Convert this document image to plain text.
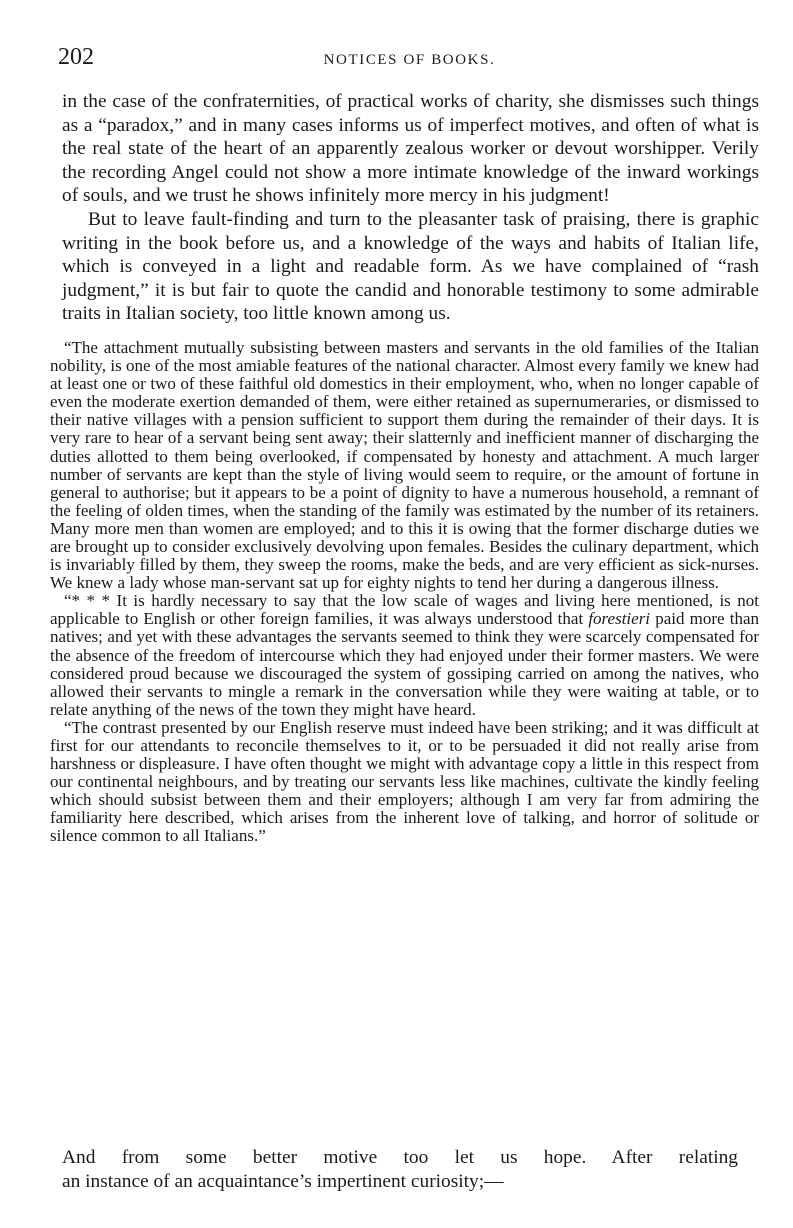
202	NOTICES OF BOOKS.

in the case of the confraternities, of practical works of charity, she dismisses such things as a “paradox,” and in many cases informs us of imperfect motives, and often of what is the real state of the heart of an apparently zealous worker or devout worshipper. Verily the recording Angel could not show a more intimate knowledge of the inward workings of souls, and we trust he shows infinitely more mercy in his judgment!

But to leave fault-finding and turn to the pleasanter task of praising, there is graphic writing in the book before us, and a knowledge of the ways and habits of Italian life, which is conveyed in a light and readable form. As we have complained of “rash judgment,” it is but fair to quote the candid and honorable testimony to some admirable traits in Italian society, too little known among us.

“The attachment mutually subsisting between masters and servants in the old families of the Italian nobility, is one of the most amiable features of the national character. Almost every family we knew had at least one or two of these faithful old domestics in their employment, who, when no longer capable of even the moderate exertion demanded of them, were either retained as supernumeraries, or dismissed to their native villages with a pension sufficient to support them during the remainder of their days. It is very rare to hear of a servant being sent away; their slatternly and inefficient manner of discharging the duties allotted to them being overlooked, if compensated by honesty and attachment. A much larger number of servants are kept than the style of living would seem to require, or the amount of fortune in general to authorise; but it appears to be a point of dignity to have a numerous household, a remnant of the feeling of olden times, when the standing of the family was estimated by the number of its retainers. Many more men than women are employed; and to this it is owing that the former discharge duties we are brought up to consider exclusively devolving upon females. Besides the culinary department, which is invariably filled by them, they sweep the rooms, make the beds, and are very efficient as sick-nurses. We knew a lady whose man-servant sat up for eighty nights to tend her during a dangerous illness.

“* * * It is hardly necessary to say that the low scale of wages and living here mentioned, is not applicable to English or other foreign families, it was always understood that forestieri paid more than natives; and yet with these advantages the servants seemed to think they were scarcely compensated for the absence of the freedom of intercourse which they had enjoyed under their former masters. We were considered proud because we discouraged the system of gossiping carried on among the natives, who allowed their servants to mingle a remark in the conversation while they were waiting at table, or to relate anything of the news of the town they might have heard.

“The contrast presented by our English reserve must indeed have been striking; and it was difficult at first for our attendants to reconcile themselves to it, or to be persuaded it did not really arise from harshness or displeasure. I have often thought we might with advantage copy a little in this respect from our continental neighbours, and by treating our servants less like machines, cultivate the kindly feeling which should subsist between them and their employers; although I am very far from admiring the familiarity here described, which arises from the inherent love of talking, and horror of solitude or silence common to all Italians.”

And from some better motive too let us hope. After relating

an instance of an acquaintance’s impertinent curiosity;—
